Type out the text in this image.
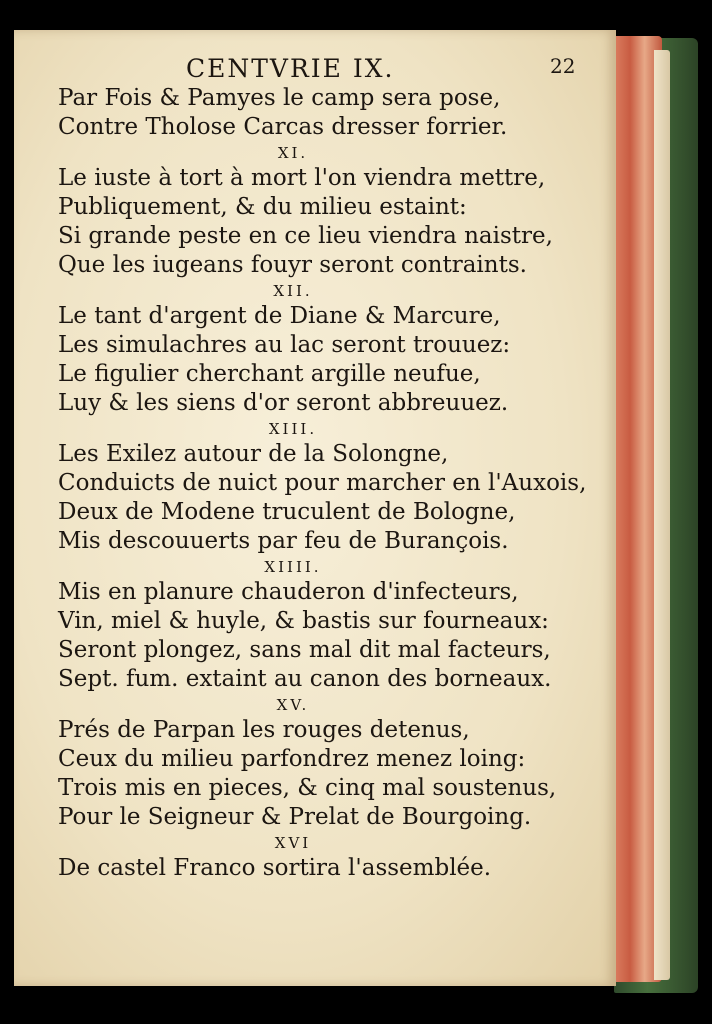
CENTVRIE IX.	22
Par Fois & Pamyes le camp sera pose,
Contre Tholose Carcas dresser forrier.
XI.
Le iuste à tort à mort l'on viendra mettre,
Publiquement, & du milieu estaint:
Si grande peste en ce lieu viendra naistre,
Que les iugeans fouyr seront contraints.
XII.
Le tant d'argent de Diane & Marcure,
Les simulachres au lac seront trouuez:
Le figulier cherchant argille neufue,
Luy & les siens d'or seront abbreuuez.
XIII.
Les Exilez autour de la Solongne,
Conduicts de nuict pour marcher en l'Auxois,
Deux de Modene truculent de Bologne,
Mis descouuerts par feu de Burançois.
XIIII.
Mis en planure chauderon d'infecteurs,
Vin, miel & huyle, & bastis sur fourneaux:
Seront plongez, sans mal dit mal facteurs,
Sept. fum. extaint au canon des borneaux.
XV.
Prés de Parpan les rouges detenus,
Ceux du milieu parfondrez menez loing:
Trois mis en pieces, & cinq mal soustenus,
Pour le Seigneur & Prelat de Bourgoing.
XVI
De castel Franco sortira l'assemblée.
